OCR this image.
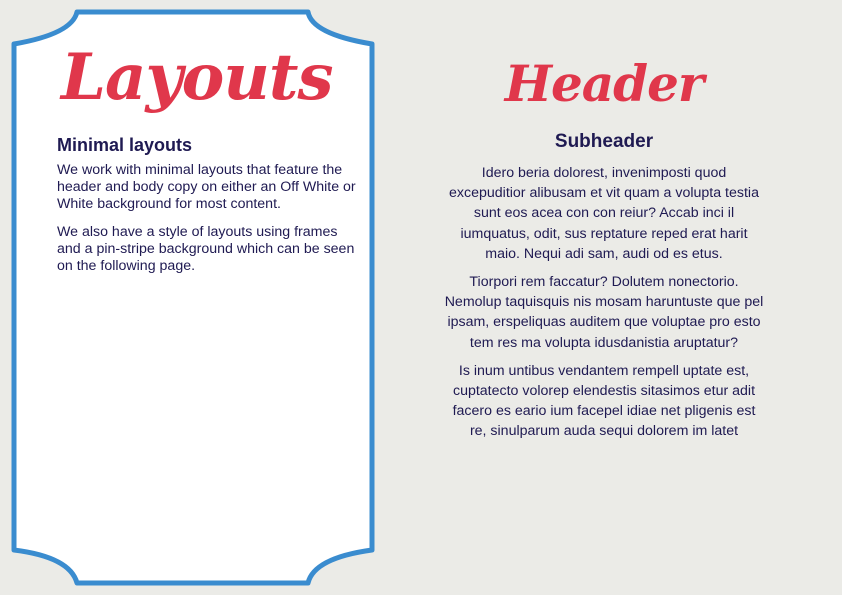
Layouts
Minimal layouts

We work with minimal layouts that feature the header and body copy on either an Off White or White background for most content.

We also have a style of layouts using frames and a pin-stripe background which can be seen on the following page.

Header
Subheader

Idero beria dolorest, invenimposti quod excepuditior alibusam et vit quam a volupta testia sunt eos acea con con reiur? Accab inci il iumquatus, odit, sus reptature reped erat harit maio. Nequi adi sam, audi od es etus.

Tiorpori rem faccatur? Dolutem nonectorio. Nemolup taquisquis nis mosam haruntuste que pel ipsam, erspeliquas auditem que voluptae pro esto tem res ma volupta idusdanistia aruptatur?

Is inum untibus vendantem rempell uptate est, cuptatecto volorep elendestis sitasimos etur adit facero es eario ium facepel idiae net pligenis est re, sinulparum auda sequi dolorem im latet
